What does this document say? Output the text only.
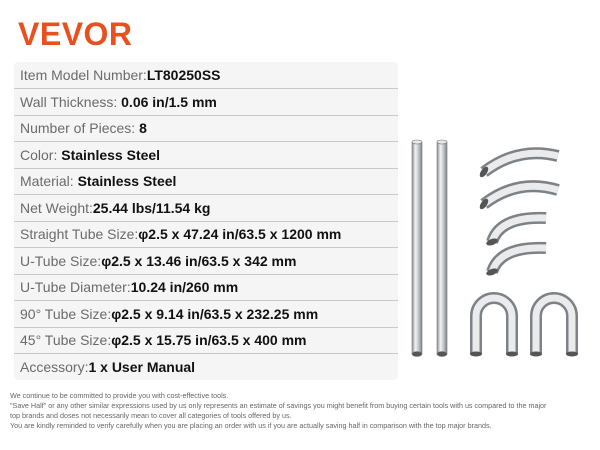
VEVOR
Item Model Number:LT80250SS
Wall Thickness: 0.06 in/1.5 mm
Number of Pieces: 8
Color: Stainless Steel
Material: Stainless Steel
Net Weight:25.44 lbs/11.54 kg
Straight Tube Size:φ2.5 x 47.24 in/63.5 x 1200 mm
U-Tube Size:φ2.5 x 13.46 in/63.5 x 342 mm
U-Tube Diameter:10.24 in/260 mm
90° Tube Size:φ2.5 x 9.14 in/63.5 x 232.25 mm
45° Tube Size:φ2.5 x 15.75 in/63.5 x 400 mm
Accessory:1 x User Manual
We continue to be committed to provide you with cost-effective tools.
"Save Half" or any other similar expressions used by us only represents an estimate of savings you might benefit from buying certain tools with us compared to the major
top brands and doses not necessarily mean to cover all categories of tools offered by us.
You are kindly reminded to verify carefully when you are placing an order with us if you are actually saving half in comparison with the top major brands.
